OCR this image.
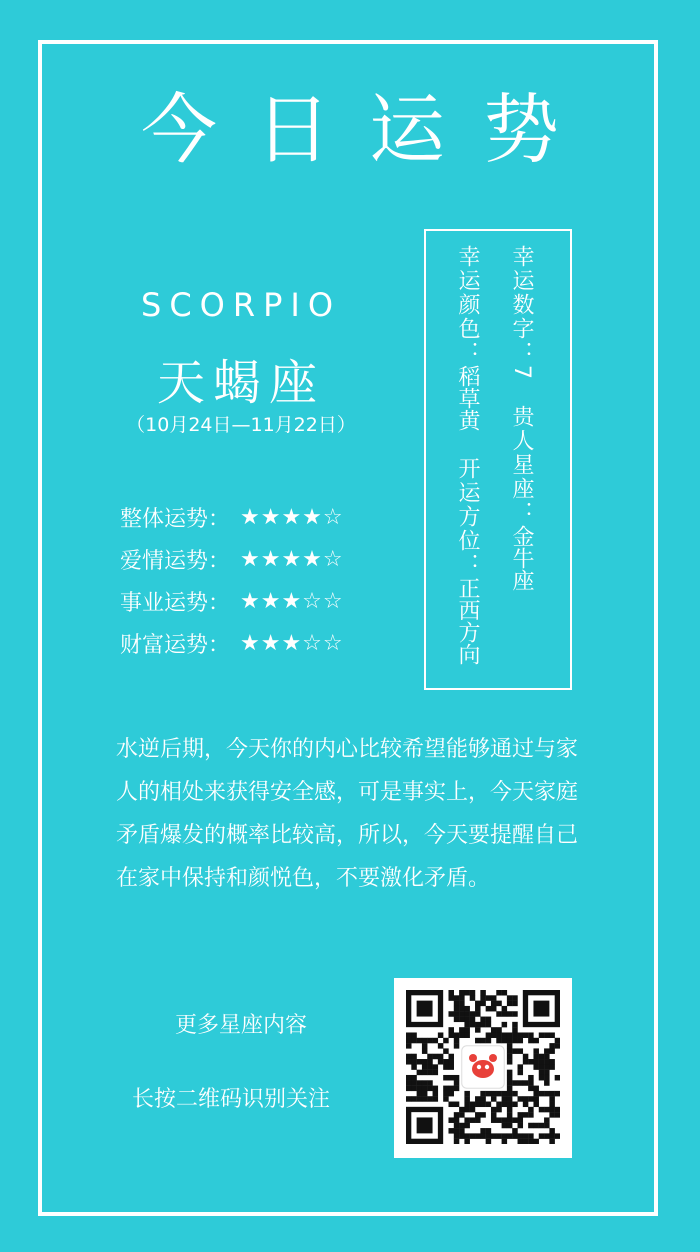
今日运势
SCORPIO
天蝎座
（10月24日—11月22日）
整体运势： ★★★★☆
爱情运势： ★★★★☆
事业运势： ★★★☆☆
财富运势： ★★★☆☆
幸运数字：7贵人星座：金牛座
幸运颜色：稻草黄开运方位：正西方向
水逆后期，今天你的内心比较希望能够通过与家人的相处来获得安全感，可是事实上，今天家庭矛盾爆发的概率比较高，所以，今天要提醒自己在家中保持和颜悦色，不要激化矛盾。
更多星座内容
长按二维码识别关注
